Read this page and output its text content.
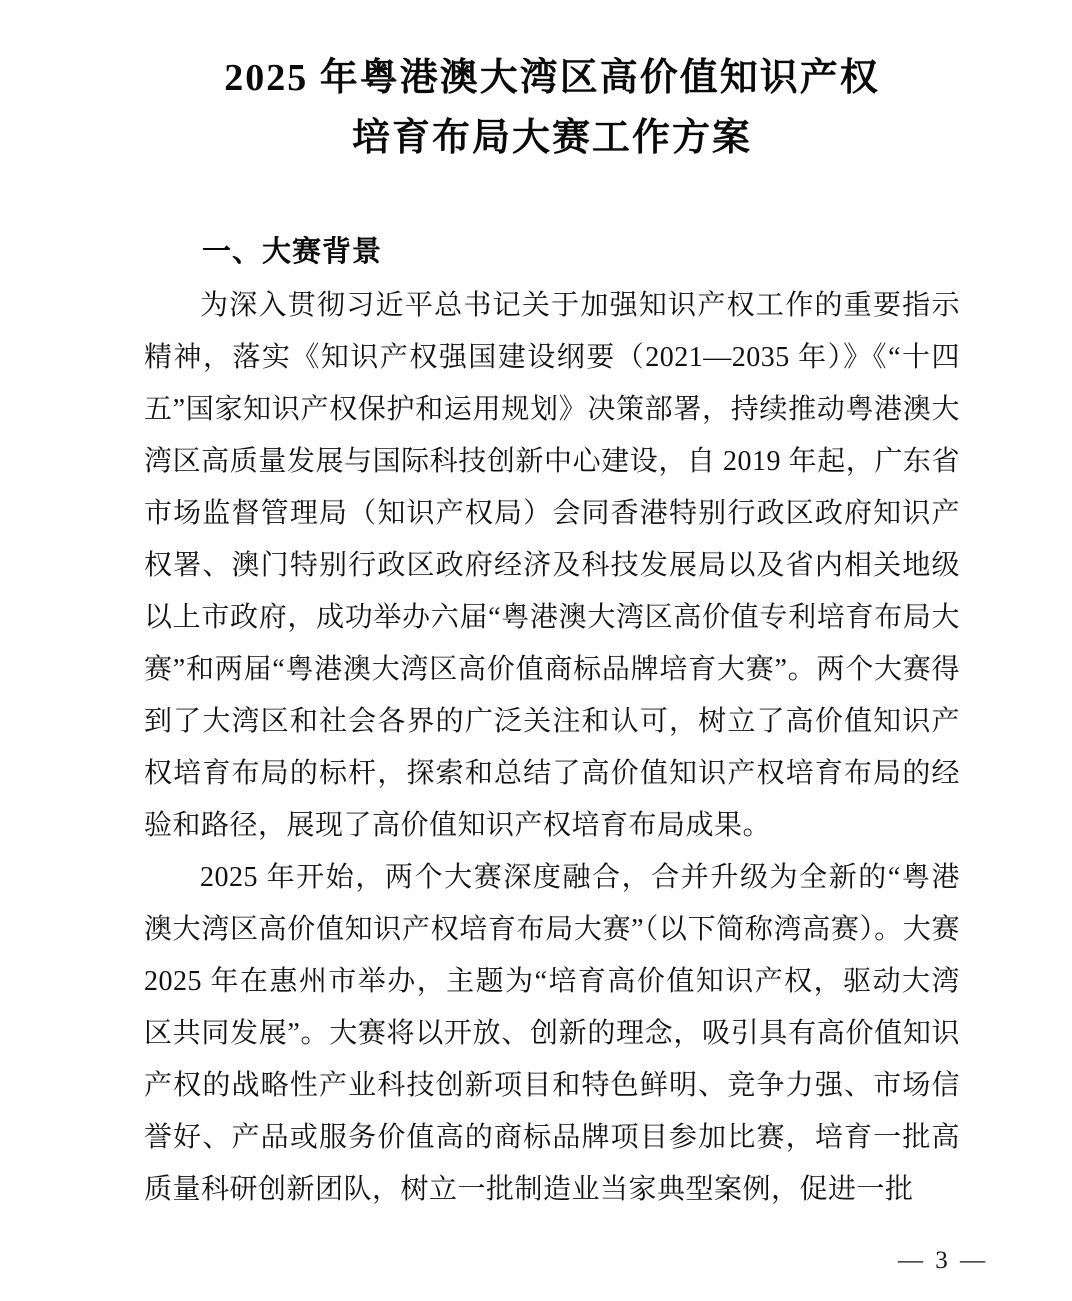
2025 年粤港澳大湾区高价值知识产权
培育布局大赛工作方案
一、大赛背景

为深入贯彻习近平总书记关于加强知识产权工作的重要指示精神，落实《知识产权强国建设纲要（2021—2035 年）》《“十四五”国家知识产权保护和运用规划》决策部署，持续推动粤港澳大湾区高质量发展与国际科技创新中心建设，自 2019 年起，广东省市场监督管理局（知识产权局）会同香港特别行政区政府知识产权署、澳门特别行政区政府经济及科技发展局以及省内相关地级以上市政府，成功举办六届“粤港澳大湾区高价值专利培育布局大赛”和两届“粤港澳大湾区高价值商标品牌培育大赛”。两个大赛得到了大湾区和社会各界的广泛关注和认可，树立了高价值知识产权培育布局的标杆，探索和总结了高价值知识产权培育布局的经验和路径，展现了高价值知识产权培育布局成果。

2025 年开始，两个大赛深度融合，合并升级为全新的“粤港澳大湾区高价值知识产权培育布局大赛”（以下简称湾高赛）。大赛 2025 年在惠州市举办，主题为“培育高价值知识产权，驱动大湾区共同发展”。大赛将以开放、创新的理念，吸引具有高价值知识产权的战略性产业科技创新项目和特色鲜明、竞争力强、市场信誉好、产品或服务价值高的商标品牌项目参加比赛，培育一批高质量科研创新团队，树立一批制造业当家典型案例，促进一批

— 3 —
